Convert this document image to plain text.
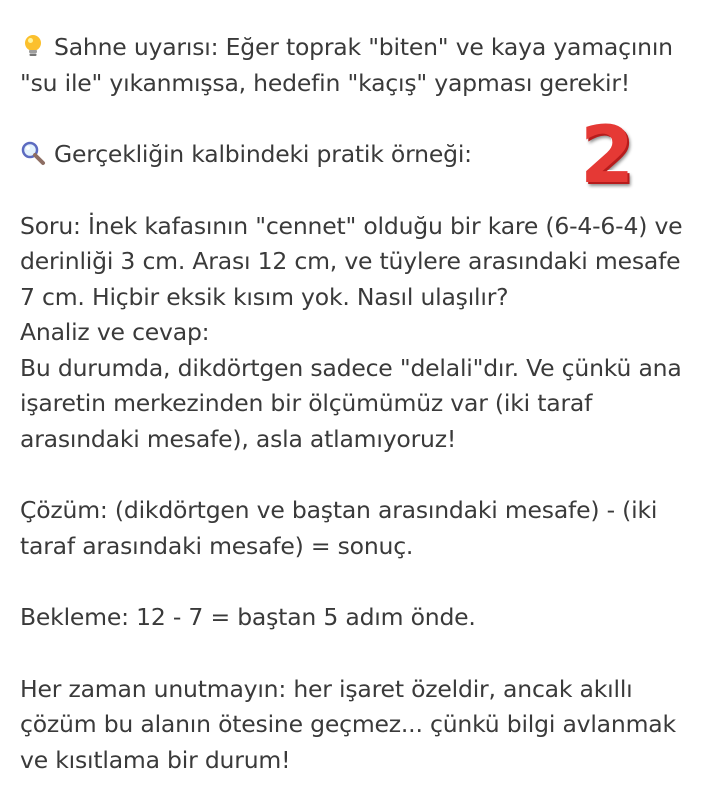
Sahne uyarısı: Eğer toprak "biten" ve kaya yamaçının
"su ile" yıkanmışsa, hedefin "kaçış" yapması gerekir!
Gerçekliğin kalbindeki pratik örneği:
Soru: İnek kafasının "cennet" olduğu bir kare (6-4-6-4) ve
derinliği 3 cm. Arası 12 cm, ve tüylere arasındaki mesafe
7 cm. Hiçbir eksik kısım yok. Nasıl ulaşılır?
Analiz ve cevap:
Bu durumda, dikdörtgen sadece "delali"dır. Ve çünkü ana
işaretin merkezinden bir ölçümümüz var (iki taraf
arasındaki mesafe), asla atlamıyoruz!
Çözüm: (dikdörtgen ve baştan arasındaki mesafe) - (iki
taraf arasındaki mesafe) = sonuç.
Bekleme: 12 - 7 = baştan 5 adım önde.
Her zaman unutmayın: her işaret özeldir, ancak akıllı
çözüm bu alanın ötesine geçmez... çünkü bilgi avlanmak
ve kısıtlama bir durum!
2
